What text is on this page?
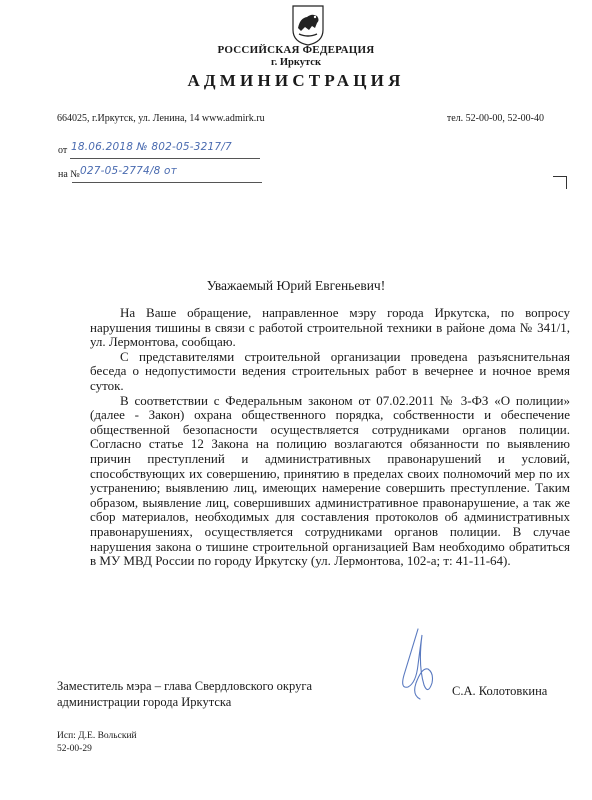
РОССИЙСКАЯ ФЕДЕРАЦИЯ
г. Иркутск
АДМИНИСТРАЦИЯ
664025, г.Иркутск, ул. Ленина, 14 www.admirk.ru	тел. 52-00-00, 52-00-40
от 18.06.2018 № 802-05-3217/7
на № 027-05-2774/8 от
Уважаемый Юрий Евгеньевич!

На Ваше обращение, направленное мэру города Иркутска, по вопросу нарушения тишины в связи с работой строительной техники в районе дома № 341/1, ул. Лермонтова, сообщаю.

С представителями строительной организации проведена разъяснительная беседа о недопустимости ведения строительных работ в вечернее и ночное время суток.

В соответствии с Федеральным законом от 07.02.2011 № 3-ФЗ «О полиции» (далее - Закон) охрана общественного порядка, собственности и обеспечение общественной безопасности осуществляется сотрудниками органов полиции. Согласно статье 12 Закона на полицию возлагаются обязанности по выявлению причин преступлений и административных правонарушений и условий, способствующих их совершению, принятию в пределах своих полномочий мер по их устранению; выявлению лиц, имеющих намерение совершить преступление. Таким образом, выявление лиц, совершивших административное правонарушение, а так же сбор материалов, необходимых для составления протоколов об административных правонарушениях, осуществляется сотрудниками органов полиции. В случае нарушения закона о тишине строительной организацией Вам необходимо обратиться в МУ МВД России по городу Иркутску (ул. Лермонтова, 102-а; т: 41-11-64).

Заместитель мэра – глава Свердловского округа
администрации города Иркутска
С.А. Колотовкина
Исп: Д.Е. Вольский
52-00-29
